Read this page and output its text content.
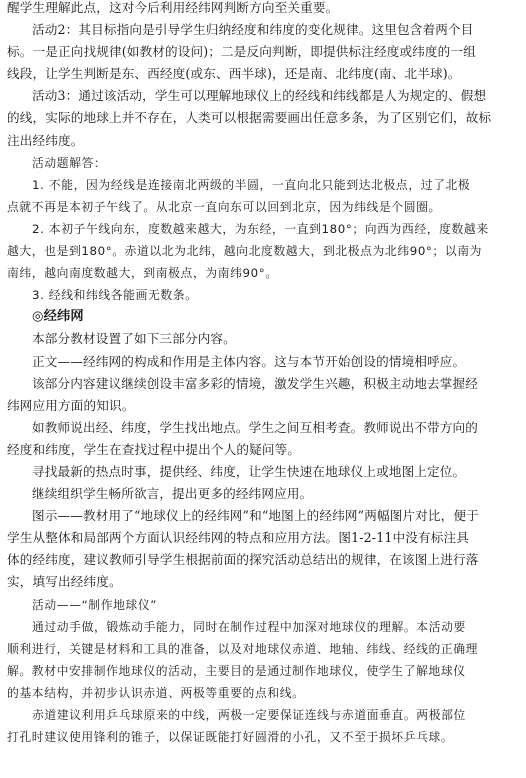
醒学生理解此点，这对今后利用经纬网判断方向至关重要。
活动2：其目标指向是引导学生归纳经度和纬度的变化规律。这里包含着两个目
标。一是正向找规律(如教材的设问)；二是反向判断，即提供标注经度或纬度的一组
线段，让学生判断是东、西经度(或东、西半球)，还是南、北纬度(南、北半球)。
活动3：通过该活动，学生可以理解地球仪上的经线和纬线都是人为规定的、假想
的线，实际的地球上并不存在，人类可以根据需要画出任意多条，为了区别它们，故标
注出经纬度。
活动题解答：
1. 不能，因为经线是连接南北两级的半圆，一直向北只能到达北极点，过了北极
点就不再是本初子午线了。从北京一直向东可以回到北京，因为纬线是个圆圈。
2. 本初子午线向东，度数越来越大，为东经，一直到180°；向西为西经，度数越来
越大，也是到180°。赤道以北为北纬，越向北度数越大，到北极点为北纬90°；以南为
南纬，越向南度数越大，到南极点，为南纬90°。
3. 经线和纬线各能画无数条。
◎经纬网
本部分教材设置了如下三部分内容。
正文——经纬网的构成和作用是主体内容。这与本节开始创设的情境相呼应。
该部分内容建议继续创设丰富多彩的情境，激发学生兴趣，积极主动地去掌握经
纬网应用方面的知识。
如教师说出经、纬度，学生找出地点。学生之间互相考查。教师说出不带方向的
经度和纬度，学生在查找过程中提出个人的疑问等。
寻找最新的热点时事，提供经、纬度，让学生快速在地球仪上或地图上定位。
继续组织学生畅所欲言，提出更多的经纬网应用。
图示——教材用了“地球仪上的经纬网”和“地图上的经纬网”两幅图片对比，便于
学生从整体和局部两个方面认识经纬网的特点和应用方法。图1-2-11中没有标注具
体的经纬度，建议教师引导学生根据前面的探究活动总结出的规律，在该图上进行落
实，填写出经纬度。
活动——“制作地球仪”
通过动手做，锻炼动手能力，同时在制作过程中加深对地球仪的理解。本活动要
顺利进行，关键是材料和工具的准备，以及对地球仪赤道、地轴、纬线、经线的正确理
解。教材中安排制作地球仪的活动，主要目的是通过制作地球仪，使学生了解地球仪
的基本结构，并初步认识赤道、两极等重要的点和线。
赤道建议利用乒乓球原来的中线，两极一定要保证连线与赤道面垂直。两极部位
打孔时建议使用锋利的锥子，以保证既能打好圆滑的小孔，又不至于损坏乒乓球。
